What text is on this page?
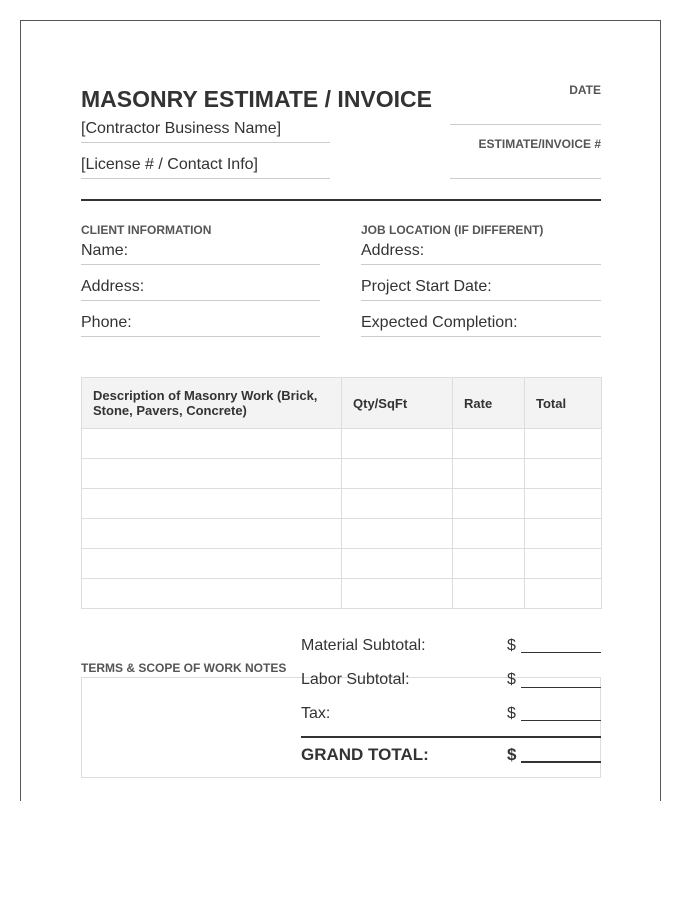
MASONRY ESTIMATE / INVOICE	DATE
ESTIMATE/INVOICE #
[Contractor Business Name]
[License # / Contact Info]
CLIENT INFORMATION
Name:
Address:
Phone:
JOB LOCATION (IF DIFFERENT)
Address:
Project Start Date:
Expected Completion:
Description of Masonry Work (Brick, Stone, Pavers, Concrete)	Qty/SqFt	Rate	Total

TERMS & SCOPE OF WORK NOTES
Material Subtotal:	$
Labor Subtotal:	$
Tax:	$
GRAND TOTAL:	$
